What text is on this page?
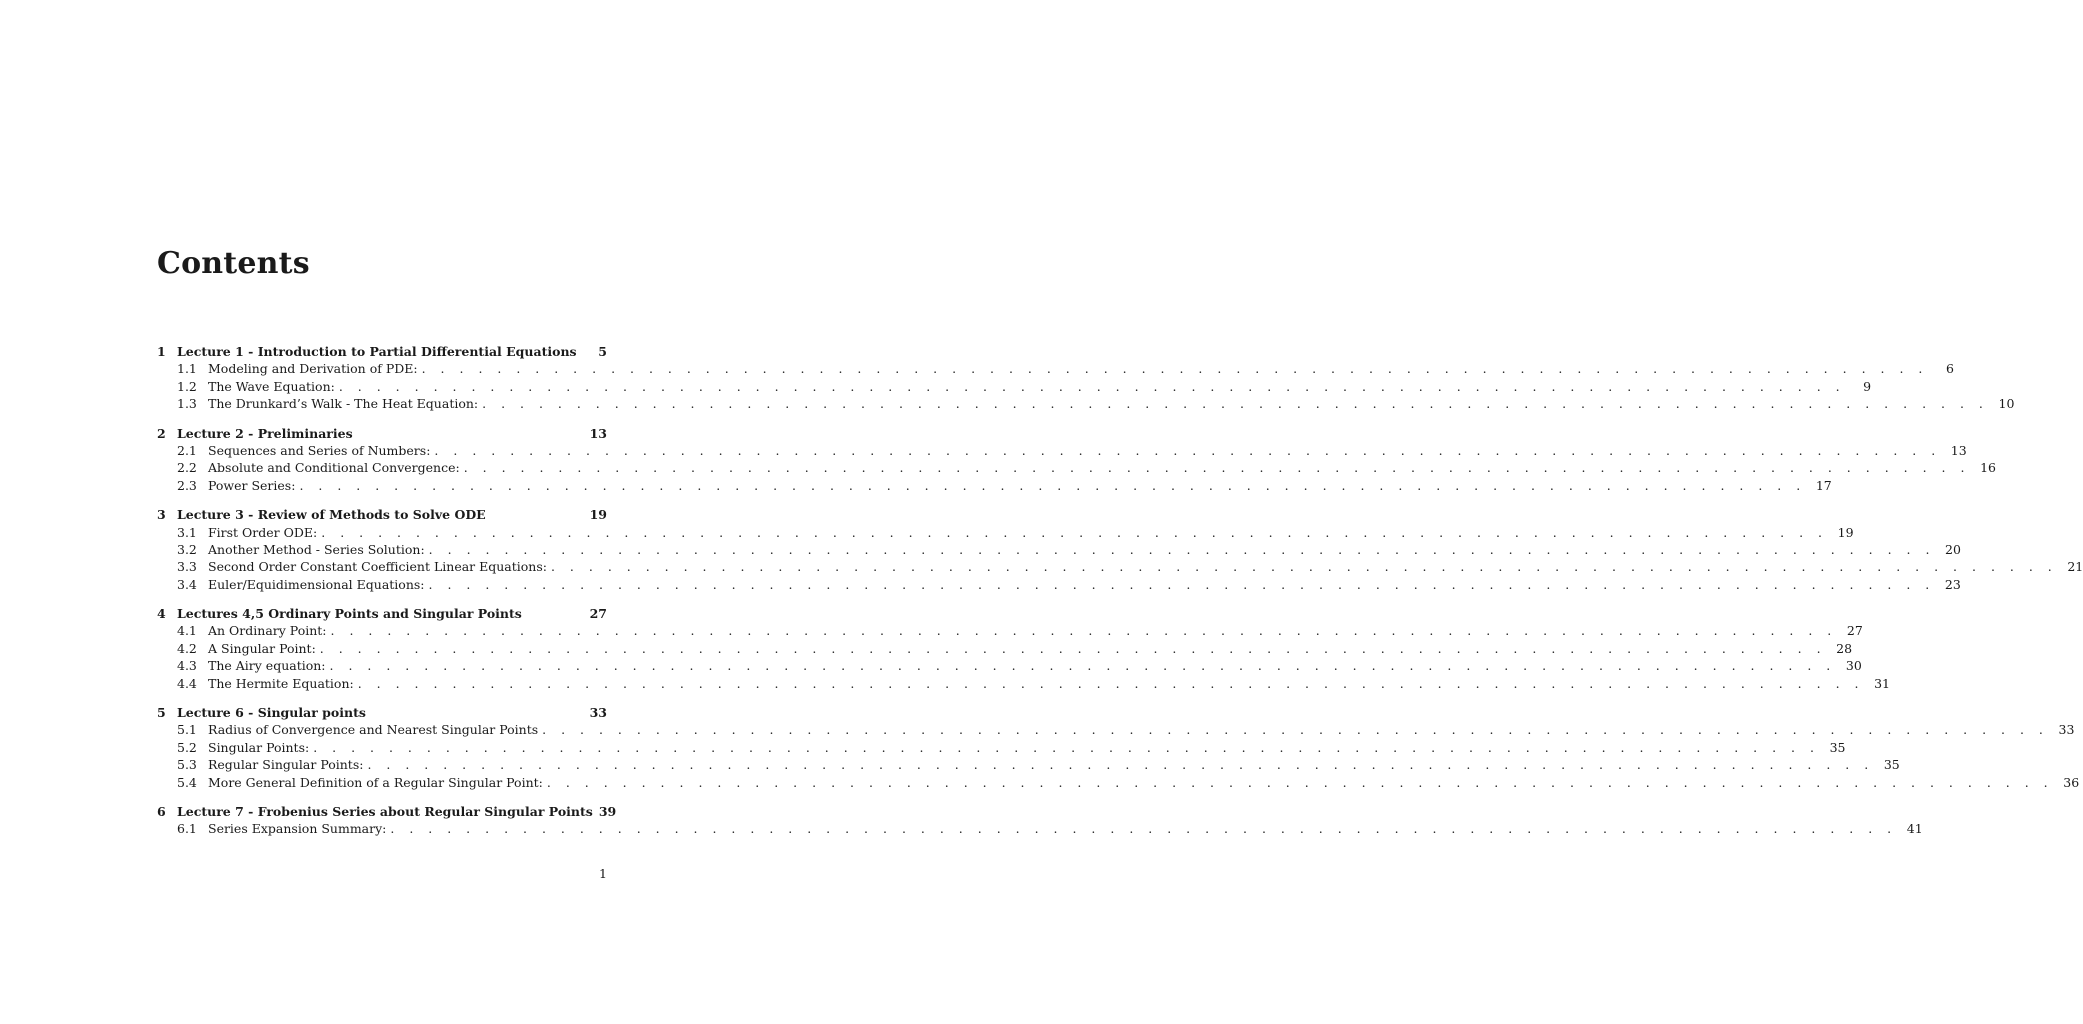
Contents
1 Lecture 1 - Introduction to Partial Differential Equations	5
1.1 Modeling and Derivation of PDE: . . . . . . . . . . . . . . . . . . . . . . . . . . . . . . . . . . . . . . . . . . . . . . . . . . . . . . . . . . . . . . . . . . . . . . . . . . . . . . . .	6
1.2 The Wave Equation: . . . . . . . . . . . . . . . . . . . . . . . . . . . . . . . . . . . . . . . . . . . . . . . . . . . . . . . . . . . . . . . . . . . . . . . . . . . . . . . .	9
1.3 The Drunkard’s Walk - The Heat Equation: . . . . . . . . . . . . . . . . . . . . . . . . . . . . . . . . . . . . . . . . . . . . . . . . . . . . . . . . . . . . . . . . . . . . . . . . . . . . . . . . 10
2 Lecture 2 - Preliminaries	13
2.1 Sequences and Series of Numbers: . . . . . . . . . . . . . . . . . . . . . . . . . . . . . . . . . . . . . . . . . . . . . . . . . . . . . . . . . . . . . . . . . . . . . . . . . . . . . . . . 13
2.2 Absolute and Conditional Convergence: . . . . . . . . . . . . . . . . . . . . . . . . . . . . . . . . . . . . . . . . . . . . . . . . . . . . . . . . . . . . . . . . . . . . . . . . . . . . . . . . 16
2.3 Power Series: . . . . . . . . . . . . . . . . . . . . . . . . . . . . . . . . . . . . . . . . . . . . . . . . . . . . . . . . . . . . . . . . . . . . . . . . . . . . . . . . 17
3 Lecture 3 - Review of Methods to Solve ODE	19
3.1 First Order ODE: . . . . . . . . . . . . . . . . . . . . . . . . . . . . . . . . . . . . . . . . . . . . . . . . . . . . . . . . . . . . . . . . . . . . . . . . . . . . . . . . 19
3.2 Another Method - Series Solution: . . . . . . . . . . . . . . . . . . . . . . . . . . . . . . . . . . . . . . . . . . . . . . . . . . . . . . . . . . . . . . . . . . . . . . . . . . . . . . . . 20
3.3 Second Order Constant Coefficient Linear Equations: . . . . . . . . . . . . . . . . . . . . . . . . . . . . . . . . . . . . . . . . . . . . . . . . . . . . . . . . . . . . . . . . . . . . . . . . . . . . . . . . 21
3.4 Euler/Equidimensional Equations: . . . . . . . . . . . . . . . . . . . . . . . . . . . . . . . . . . . . . . . . . . . . . . . . . . . . . . . . . . . . . . . . . . . . . . . . . . . . . . . . 23
4 Lectures 4,5 Ordinary Points and Singular Points	27
4.1 An Ordinary Point: . . . . . . . . . . . . . . . . . . . . . . . . . . . . . . . . . . . . . . . . . . . . . . . . . . . . . . . . . . . . . . . . . . . . . . . . . . . . . . . . 27
4.2 A Singular Point: . . . . . . . . . . . . . . . . . . . . . . . . . . . . . . . . . . . . . . . . . . . . . . . . . . . . . . . . . . . . . . . . . . . . . . . . . . . . . . . . 28
4.3 The Airy equation: . . . . . . . . . . . . . . . . . . . . . . . . . . . . . . . . . . . . . . . . . . . . . . . . . . . . . . . . . . . . . . . . . . . . . . . . . . . . . . . . 30
4.4 The Hermite Equation: . . . . . . . . . . . . . . . . . . . . . . . . . . . . . . . . . . . . . . . . . . . . . . . . . . . . . . . . . . . . . . . . . . . . . . . . . . . . . . . . 31
5 Lecture 6 - Singular points	33
5.1 Radius of Convergence and Nearest Singular Points . . . . . . . . . . . . . . . . . . . . . . . . . . . . . . . . . . . . . . . . . . . . . . . . . . . . . . . . . . . . . . . . . . . . . . . . . . . . . . . . 33
5.2 Singular Points: . . . . . . . . . . . . . . . . . . . . . . . . . . . . . . . . . . . . . . . . . . . . . . . . . . . . . . . . . . . . . . . . . . . . . . . . . . . . . . . . 35
5.3 Regular Singular Points: . . . . . . . . . . . . . . . . . . . . . . . . . . . . . . . . . . . . . . . . . . . . . . . . . . . . . . . . . . . . . . . . . . . . . . . . . . . . . . . . 35
5.4 More General Definition of a Regular Singular Point: . . . . . . . . . . . . . . . . . . . . . . . . . . . . . . . . . . . . . . . . . . . . . . . . . . . . . . . . . . . . . . . . . . . . . . . . . . . . . . . . 36
6 Lecture 7 - Frobenius Series about Regular Singular Points 39
6.1 Series Expansion Summary: . . . . . . . . . . . . . . . . . . . . . . . . . . . . . . . . . . . . . . . . . . . . . . . . . . . . . . . . . . . . . . . . . . . . . . . . . . . . . . . . 41
1
